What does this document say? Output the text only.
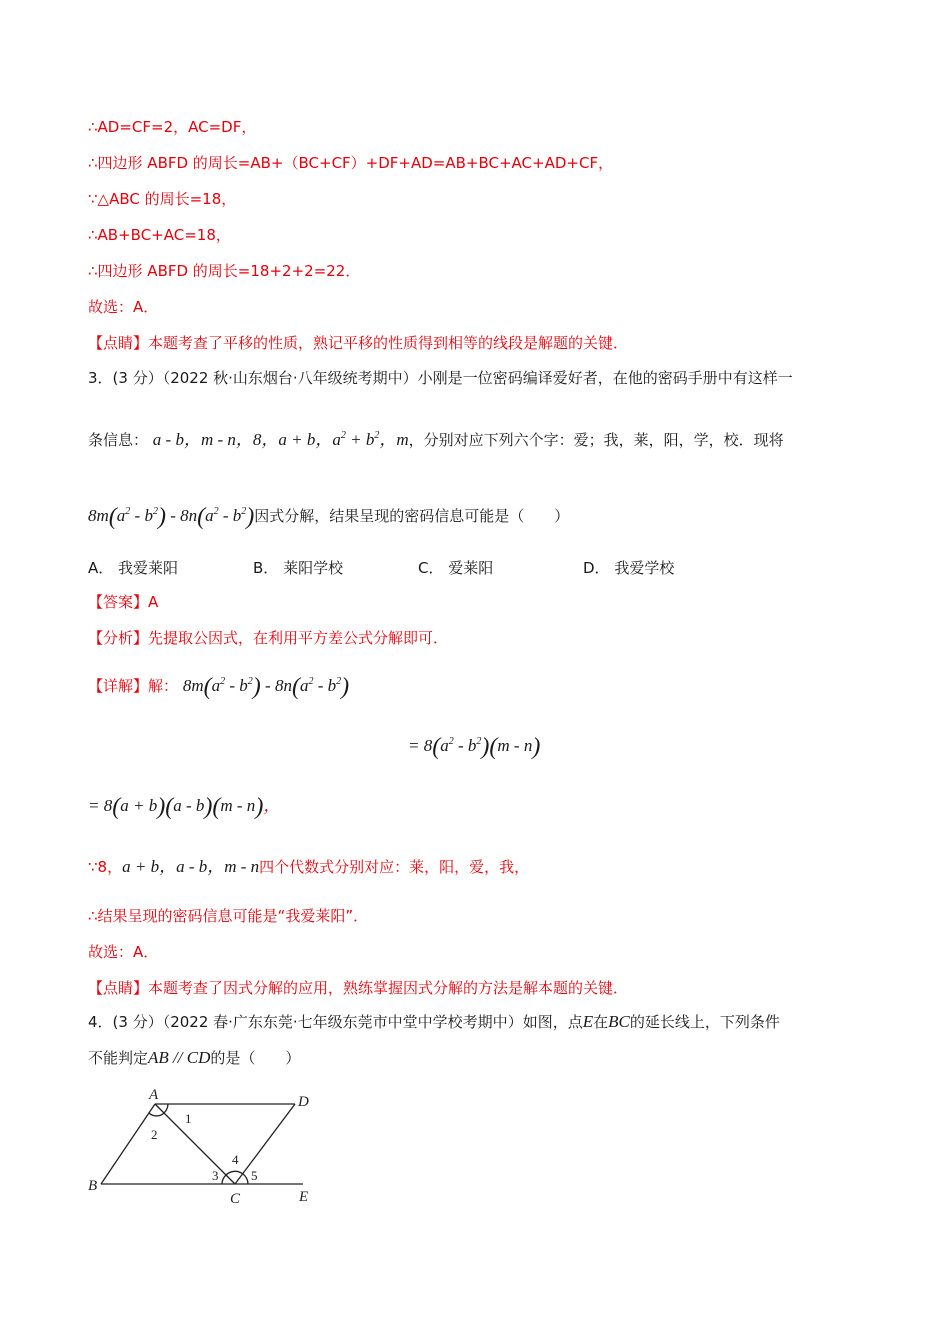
∴AD=CF=2，AC=DF，
∴四边形 ABFD 的周长=AB+（BC+CF）+DF+AD=AB+BC+AC+AD+CF，
∵△ABC 的周长=18，
∴AB+BC+AC=18，
∴四边形 ABFD 的周长=18+2+2=22．
故选：A．
【点睛】本题考查了平移的性质，熟记平移的性质得到相等的线段是解题的关键．
3．(3 分）（2022 秋·山东烟台·八年级统考期中）小刚是一位密码编译爱好者，在他的密码手册中有这样一
条信息： a - b，m - n，8，a + b，$a^2 + b^2$，m，分别对应下列六个字：爱；我，莱，阳，学，校．现将
$8m(a^2 - b^2) - 8n(a^2 - b^2)$因式分解，结果呈现的密码信息可能是（　　）
A． 我爱莱阳	B． 莱阳学校	C． 爱莱阳	D． 我爱学校
【答案】A
【分析】先提取公因式，在利用平方差公式分解即可．
【详解】解： $8m(a^2 - b^2) - 8n(a^2 - b^2)$
= $8(a^2 - b^2)(m - n)$
= 8(a + b)(a - b)(m - n)，
∵8，a + b，a - b，m - n四个代数式分别对应：莱，阳，爱，我，
∴结果呈现的密码信息可能是“我爱莱阳”．
故选：A．
【点睛】本题考查了因式分解的应用，熟练掌握因式分解的方法是解本题的关键．
4．(3 分）（2022 春·广东东莞·七年级东莞市中堂中学校考期中）如图，点E在BC的延长线上，下列条件
不能判定AB // CD的是（　　）
A
B
C
D
E
1
2
3
4
5
